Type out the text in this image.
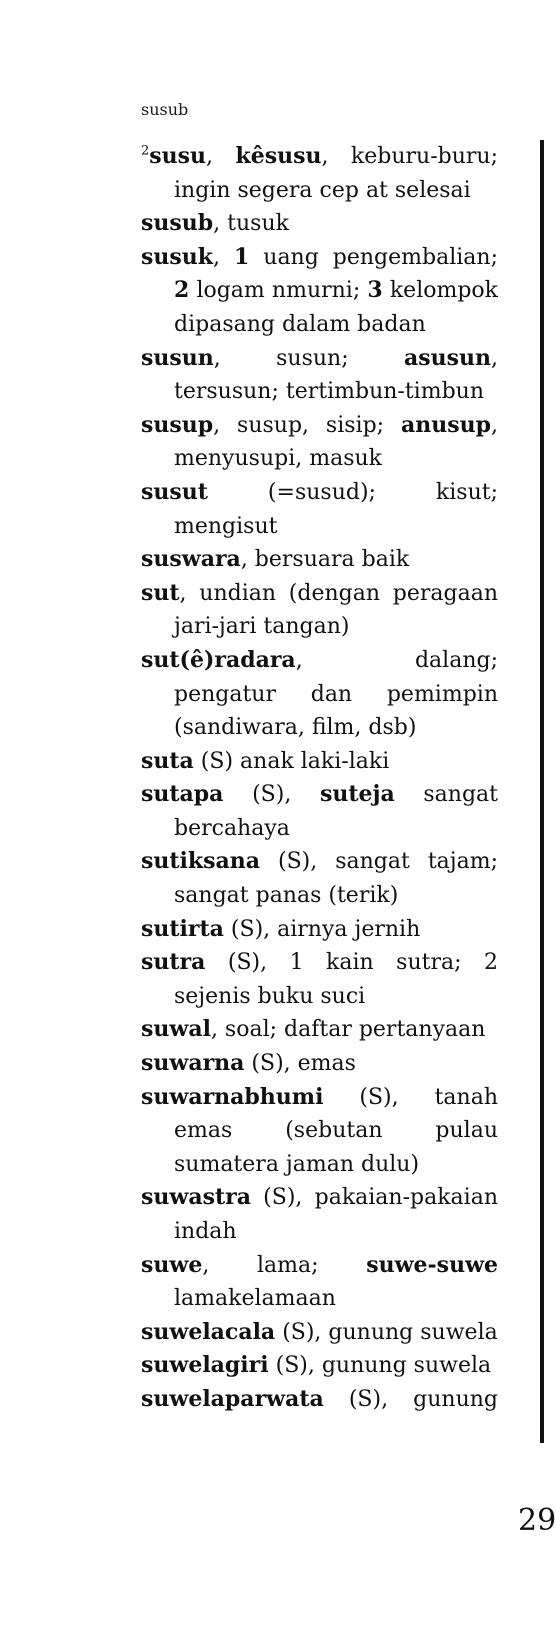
susub
$^2$susu, kêsusu, keburu-buru; ingin segera cep at selesai
susub, tusuk
susuk, 1 uang pengembalian; 2 logam nmurni; 3 kelompok dipasang dalam badan
susun, susun; asusun, tersusun; tertimbun-timbun
susup, susup, sisip; anusup, menyusupi, masuk
susut (=susud); kisut; mengisut
suswara, bersuara baik
sut, undian (dengan peragaan jari-jari tangan)
sut(ê)radara, dalang; pengatur dan pemimpin (sandiwara, film, dsb)
suta (S) anak laki-laki
sutapa (S), suteja sangat bercahaya
sutiksana (S), sangat tajam; sangat panas (terik)
sutirta (S), airnya jernih
sutra (S), 1 kain sutra; 2 sejenis buku suci
suwal, soal; daftar pertanyaan
suwarna (S), emas
suwarnabhumi (S), tanah emas (sebutan pulau sumatera jaman dulu)
suwastra (S), pakaian-pakaian indah
suwe, lama; suwe-suwe lamakelamaan
suwelacala (S), gunung suwela
suwelagiri (S), gunung suwela
suwelaparwata (S), gunung
29
